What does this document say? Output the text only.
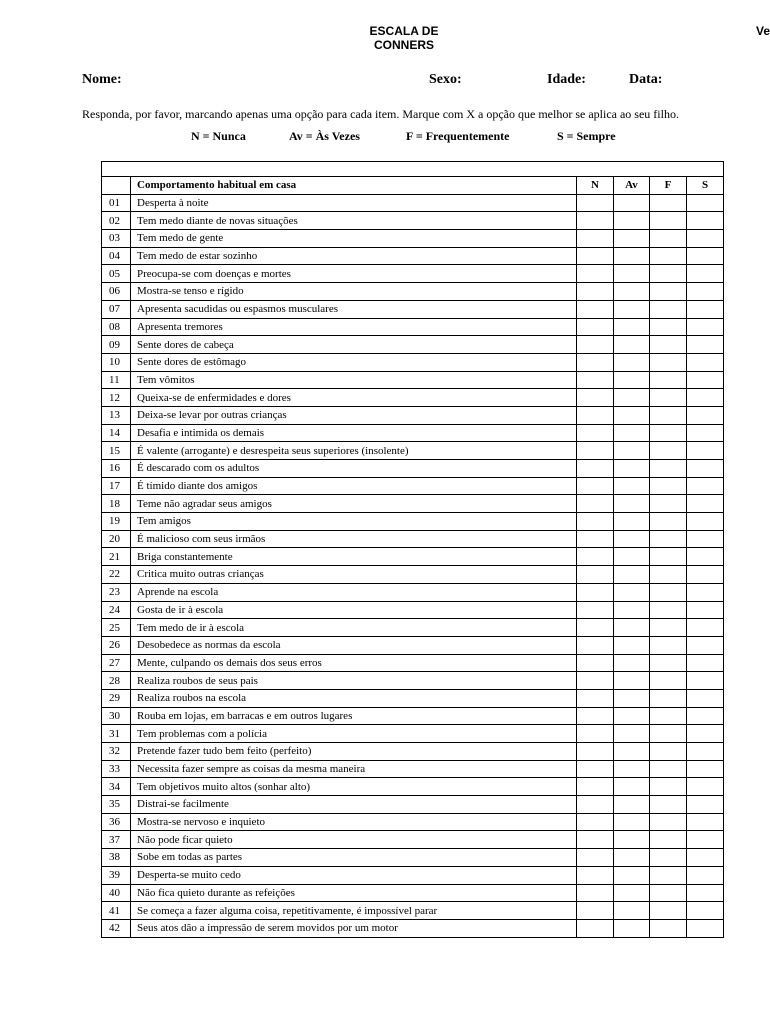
ESCALA DE
CONNERS
Ve
Nome:	Sexo:	Idade:	Data:
Responda, por favor, marcando apenas uma opção para cada item. Marque com X a opção que melhor se aplica ao seu filho.
N = Nunca	Av = Às Vezes	F = Frequentemente	S = Sempre

	Comportamento habitual em casa	N	Av	F	S
01	Desperta à noite				
02	Tem medo diante de novas situações				
03	Tem medo de gente				
04	Tem medo de estar sozinho				
05	Preocupa-se com doenças e mortes				
06	Mostra-se tenso e rígido				
07	Apresenta sacudidas ou espasmos musculares				
08	Apresenta tremores				
09	Sente dores de cabeça				
10	Sente dores de estômago				
11	Tem vômitos				
12	Queixa-se de enfermidades e dores				
13	Deixa-se levar por outras crianças				
14	Desafia e intimida os demais				
15	É valente (arrogante) e desrespeita seus superiores (insolente)				
16	É descarado com os adultos				
17	É tímido diante dos amigos				
18	Teme não agradar seus amigos				
19	Tem amigos				
20	É malicioso com seus irmãos				
21	Briga constantemente				
22	Critica muito outras crianças				
23	Aprende na escola				
24	Gosta de ir à escola				
25	Tem medo de ir à escola				
26	Desobedece as normas da escola				
27	Mente, culpando os demais dos seus erros				
28	Realiza roubos de seus pais				
29	Realiza roubos na escola				
30	Rouba em lojas, em barracas e em outros lugares				
31	Tem problemas com a polícia				
32	Pretende fazer tudo bem feito (perfeito)				
33	Necessita fazer sempre as coisas da mesma maneira				
34	Tem objetivos muito altos (sonhar alto)				
35	Distrai-se facilmente				
36	Mostra-se nervoso e inquieto				
37	Não pode ficar quieto				
38	Sobe em todas as partes				
39	Desperta-se muito cedo				
40	Não fica quieto durante as refeições				
41	Se começa a fazer alguma coisa, repetitivamente, é impossível parar				
42	Seus atos dão a impressão de serem movidos por um motor				
